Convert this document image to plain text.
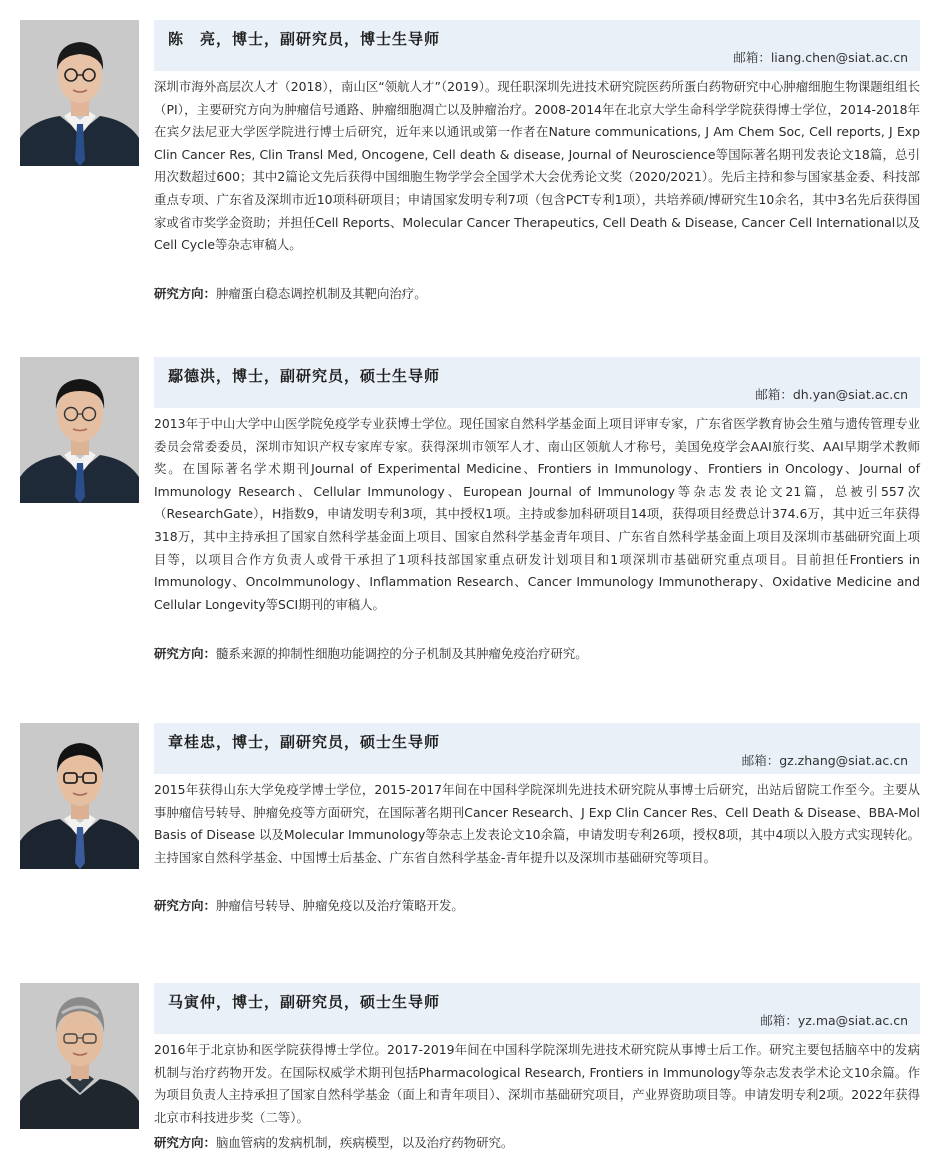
陈　亮，博士，副研究员，博士生导师
邮箱：liang.chen@siat.ac.cn

深圳市海外高层次人才（2018），南山区“领航人才”（2019）。现任职深圳先进技术研究院医药所蛋白药物研究中心肿瘤细胞生物课题组组长（PI），主要研究方向为肿瘤信号通路、肿瘤细胞凋亡以及肿瘤治疗。2008-2014年在北京大学生命科学学院获得博士学位，2014-2018年在宾夕法尼亚大学医学院进行博士后研究，近年来以通讯或第一作者在Nature communications, J Am Chem Soc, Cell reports, J Exp Clin Cancer Res, Clin Transl Med, Oncogene, Cell death & disease, Journal of Neuroscience等国际著名期刊发表论文18篇，总引用次数超过600；其中2篇论文先后获得中国细胞生物学学会全国学术大会优秀论文奖（2020/2021）。先后主持和参与国家基金委、科技部重点专项、广东省及深圳市近10项科研项目；申请国家发明专利7项（包含PCT专利1项），共培养硕/博研究生10余名，其中3名先后获得国家或省市奖学金资助；并担任Cell Reports、Molecular Cancer Therapeutics, Cell Death & Disease, Cancer Cell International以及Cell Cycle等杂志审稿人。

研究方向：肿瘤蛋白稳态调控机制及其靶向治疗。

鄢德洪，博士，副研究员，硕士生导师
邮箱：dh.yan@siat.ac.cn

2013年于中山大学中山医学院免疫学专业获博士学位。现任国家自然科学基金面上项目评审专家，广东省医学教育协会生殖与遗传管理专业委员会常委委员，深圳市知识产权专家库专家。获得深圳市领军人才、南山区领航人才称号，美国免疫学会AAI旅行奖、AAI早期学术教师奖。在国际著名学术期刊Journal of Experimental Medicine、Frontiers in Immunology、Frontiers in Oncology、Journal of Immunology Research、Cellular Immunology、European Journal of Immunology等杂志发表论文21篇，总被引557次（ResearchGate），H指数9，申请发明专利3项，其中授权1项。主持或参加科研项目14项，获得项目经费总计374.6万，其中近三年获得318万，其中主持承担了国家自然科学基金面上项目、国家自然科学基金青年项目、广东省自然科学基金面上项目及深圳市基础研究面上项目等，以项目合作方负责人或骨干承担了1项科技部国家重点研发计划项目和1项深圳市基础研究重点项目。目前担任Frontiers in Immunology、OncoImmunology、Inflammation Research、Cancer Immunology Immunotherapy、Oxidative Medicine and Cellular Longevity等SCI期刊的审稿人。

研究方向：髓系来源的抑制性细胞功能调控的分子机制及其肿瘤免疫治疗研究。

章桂忠，博士，副研究员，硕士生导师
邮箱：gz.zhang@siat.ac.cn

2015年获得山东大学免疫学博士学位，2015-2017年间在中国科学院深圳先进技术研究院从事博士后研究，出站后留院工作至今。主要从事肿瘤信号转导、肿瘤免疫等方面研究，在国际著名期刊Cancer Research、J Exp Clin Cancer Res、Cell Death & Disease、BBA-Mol Basis of Disease 以及Molecular Immunology等杂志上发表论文10余篇，申请发明专利26项，授权8项，其中4项以入股方式实现转化。主持国家自然科学基金、中国博士后基金、广东省自然科学基金-青年提升以及深圳市基础研究等项目。

研究方向：肿瘤信号转导、肿瘤免疫以及治疗策略开发。

马寅仲，博士，副研究员，硕士生导师
邮箱：yz.ma@siat.ac.cn

2016年于北京协和医学院获得博士学位。2017-2019年间在中国科学院深圳先进技术研究院从事博士后工作。研究主要包括脑卒中的发病机制与治疗药物开发。在国际权威学术期刊包括Pharmacological Research, Frontiers in Immunology等杂志发表学术论文10余篇。作为项目负责人主持承担了国家自然科学基金（面上和青年项目）、深圳市基础研究项目，产业界资助项目等。申请发明专利2项。2022年获得北京市科技进步奖（二等）。

研究方向：脑血管病的发病机制，疾病模型，以及治疗药物研究。
